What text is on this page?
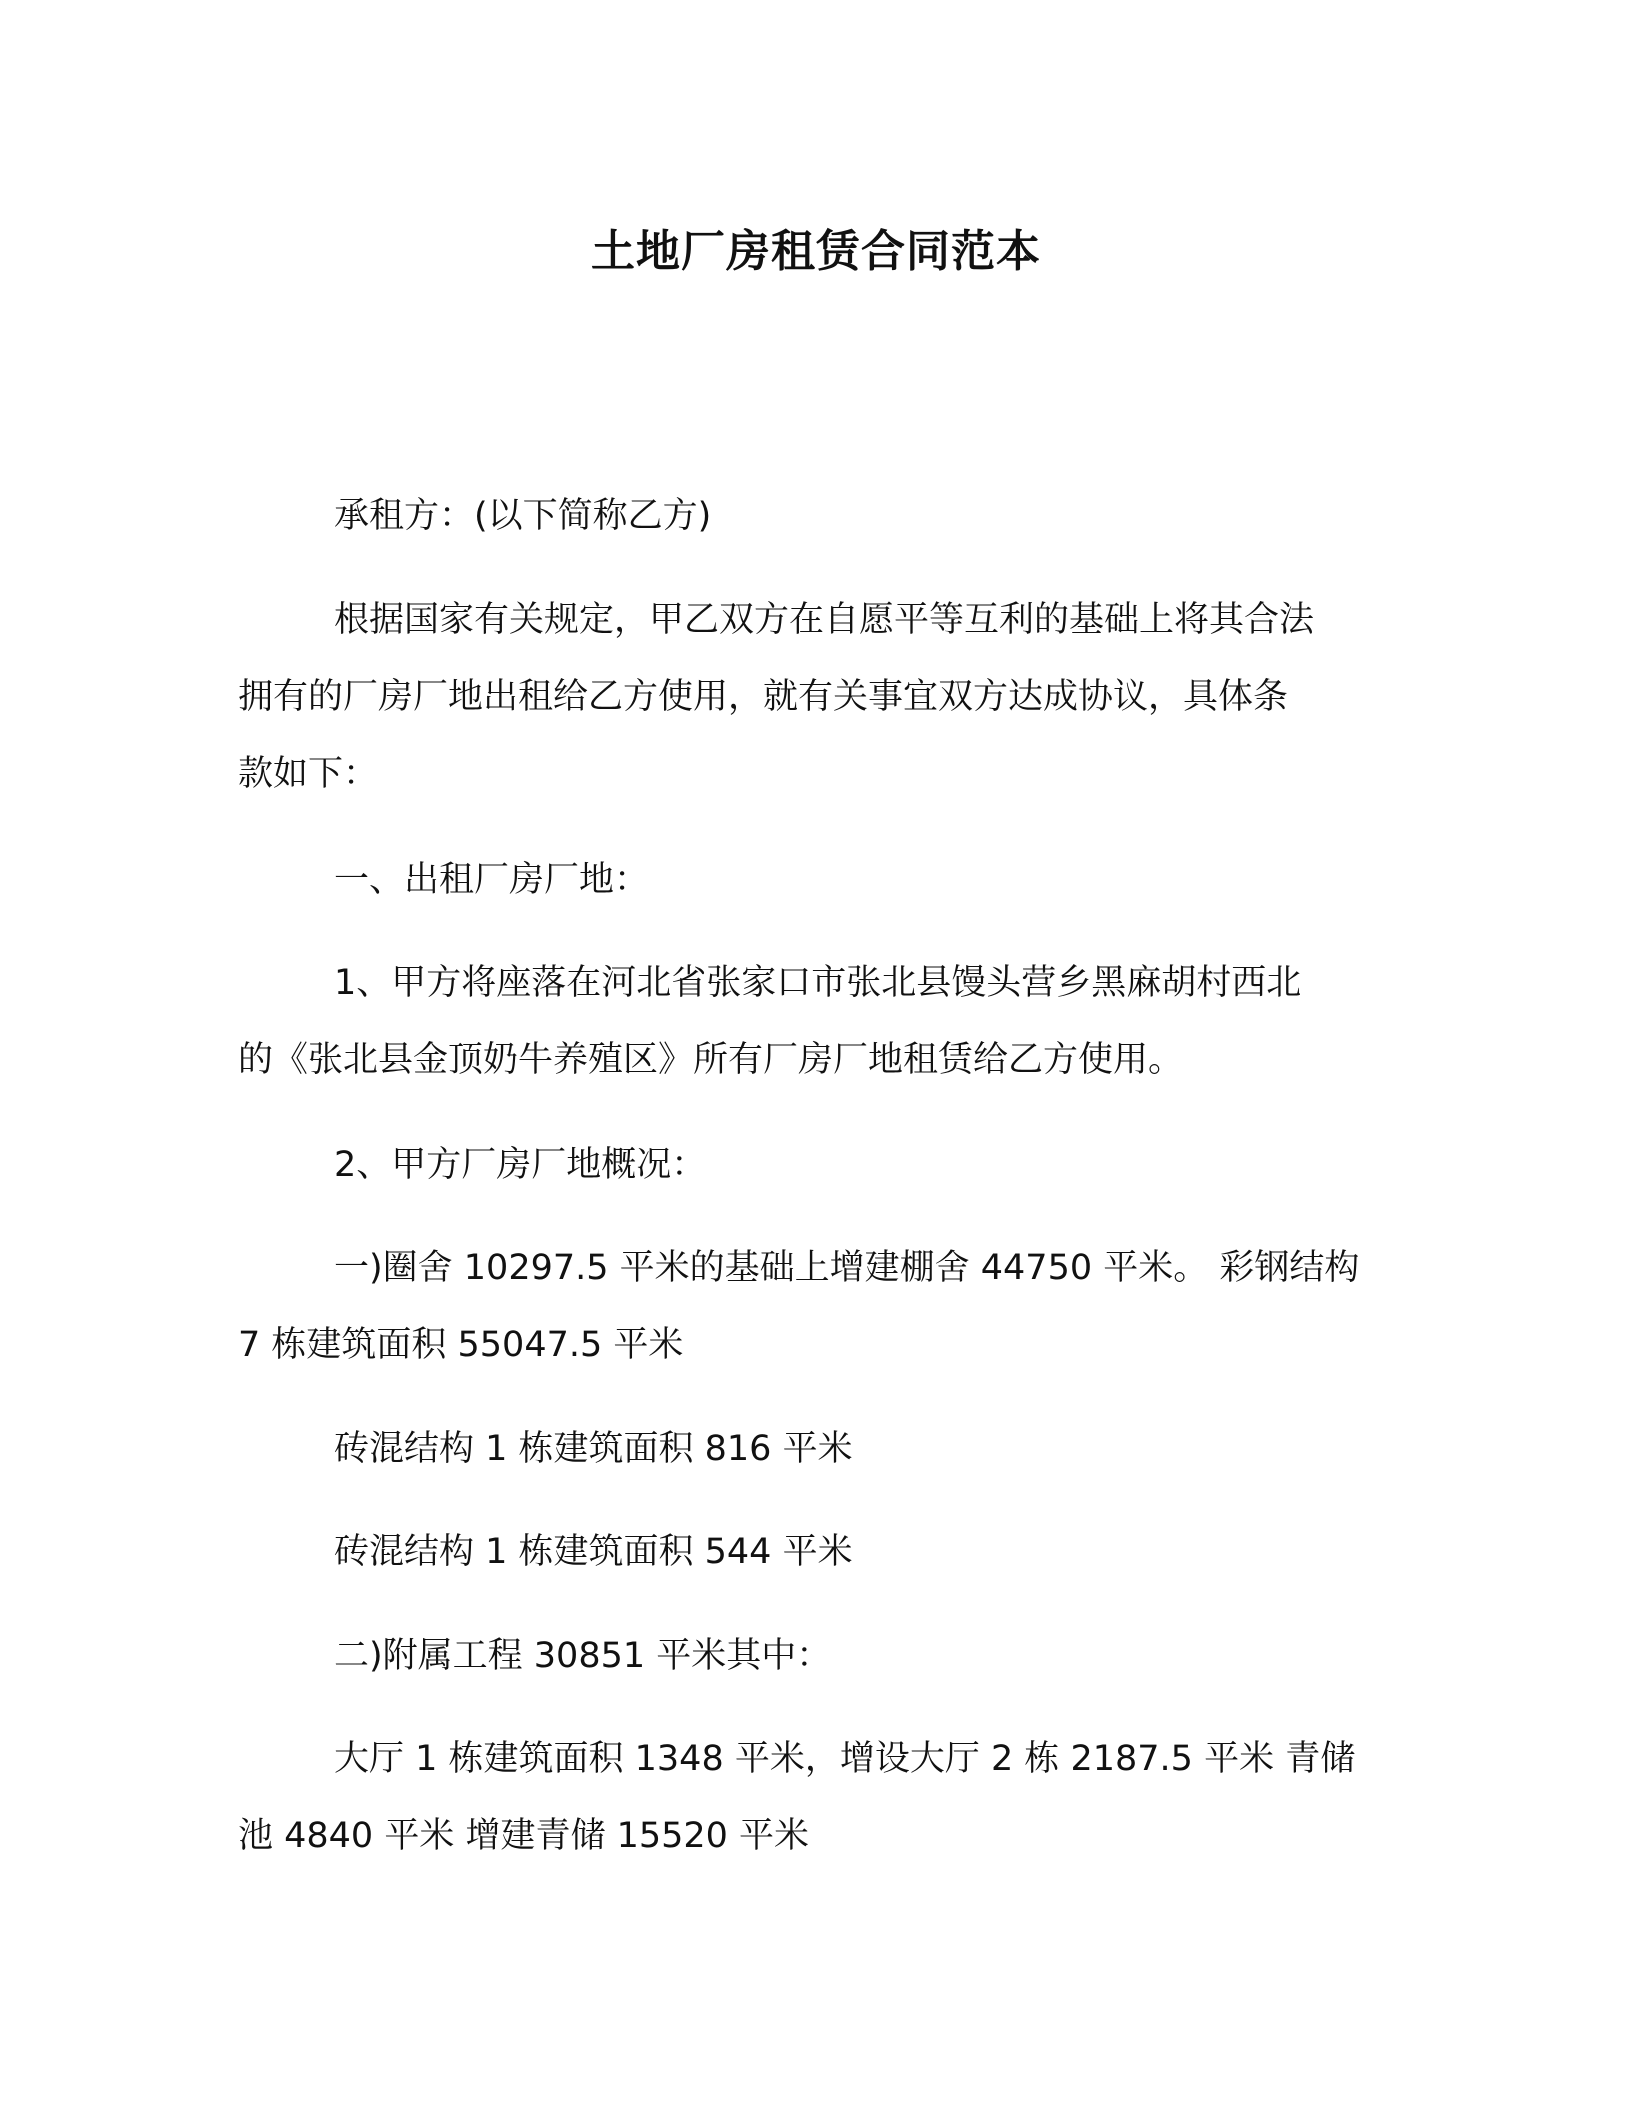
土地厂房租赁合同范本

承租方：(以下简称乙方)

根据国家有关规定，甲乙双方在自愿平等互利的基础上将其合法
拥有的厂房厂地出租给乙方使用，就有关事宜双方达成协议，具体条
款如下：

一、出租厂房厂地：

1、甲方将座落在河北省张家口市张北县馒头营乡黑麻胡村西北
的《张北县金顶奶牛养殖区》所有厂房厂地租赁给乙方使用。

2、甲方厂房厂地概况：

一)圈舍 10297.5 平米的基础上增建棚舍 44750 平米。 彩钢结构
7 栋建筑面积 55047.5 平米

砖混结构 1 栋建筑面积 816 平米

砖混结构 1 栋建筑面积 544 平米

二)附属工程 30851 平米其中：

大厅 1 栋建筑面积 1348 平米，增设大厅 2 栋 2187.5 平米 青储
池 4840 平米 增建青储 15520 平米
